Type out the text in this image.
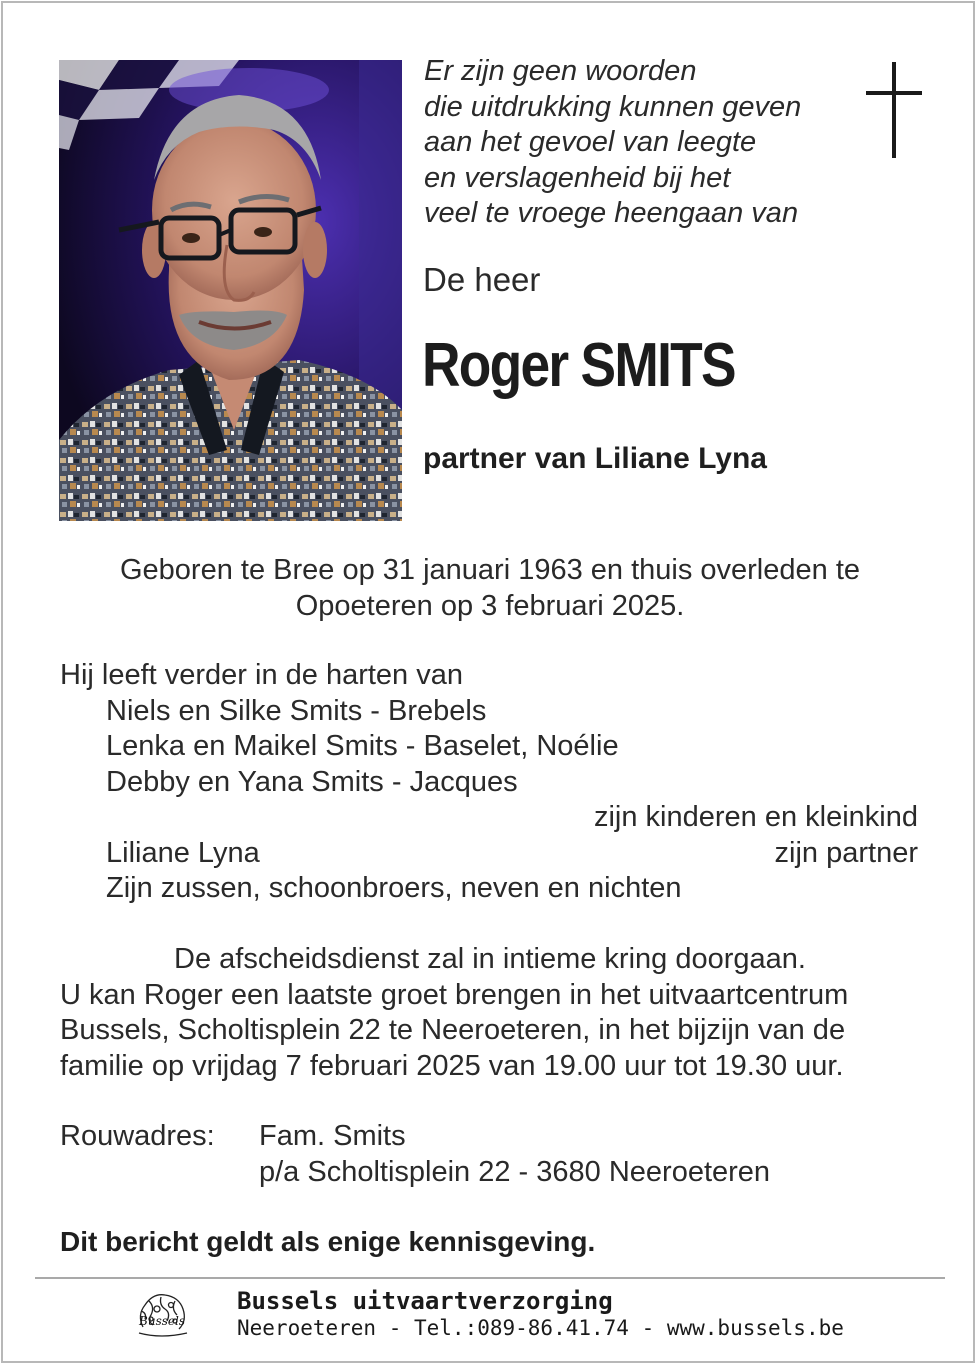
Er zijn geen woorden
die uitdrukking kunnen geven
aan het gevoel van leegte
en verslagenheid bij het
veel te vroege heengaan van
De heer
Roger SMITS
partner van Liliane Lyna
Geboren te Bree op 31 januari 1963 en thuis overleden te
Opoeteren op 3 februari 2025.
Hij leeft verder in de harten van
Niels en Silke Smits - Brebels
Lenka en Maikel Smits - Baselet, Noélie
Debby en Yana Smits - Jacques
zijn kinderen en kleinkind
Liliane Lyna	zijn partner
Zijn zussen, schoonbroers, neven en nichten
De afscheidsdienst zal in intieme kring doorgaan.
U kan Roger een laatste groet brengen in het uitvaartcentrum
Bussels, Scholtisplein 22 te Neeroeteren, in het bijzijn van de
familie op vrijdag 7 februari 2025 van 19.00 uur tot 19.30 uur.
Rouwadres: Fam. Smits
p/a Scholtisplein 22 - 3680 Neeroeteren
Dit bericht geldt als enige kennisgeving.
Bussels
Bussels uitvaartverzorging
Neeroeteren - Tel.:089-86.41.74 - www.bussels.be
